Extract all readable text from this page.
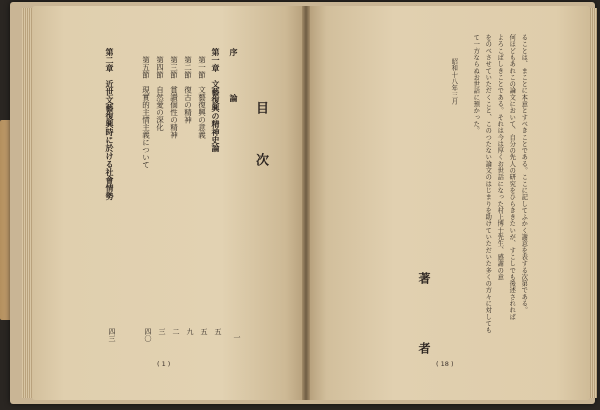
目 次
序 論
一
第一章　文藝復興の精神史論
五
第一節　文藝復興の意義
五
第二節　復古の精神
九
第三節　賞讃個性の精神
二
第四節　自然愛の深化
三
第五節　現實的主情主義について
四〇
第二章　近世文藝復興時に於ける社會情勢
四三
( 1 )
ることは、まことに本意とすべきことである。ここに記してふかく謝意を表する次第である。
何ほどもあれこの論文において、自分の先人の研究をひらききたいが、すこしでも後述されれば
よろこばしきことである。それは今は厚くお世話になった村上博士先生、感謝の意
をのべさせていただくこと、このつたない論文のはじまりを助けていただいた多くの方々に対しても
て一方ならぬお世話に預かった。
昭和十八年三月
著 者 ( 18 )
